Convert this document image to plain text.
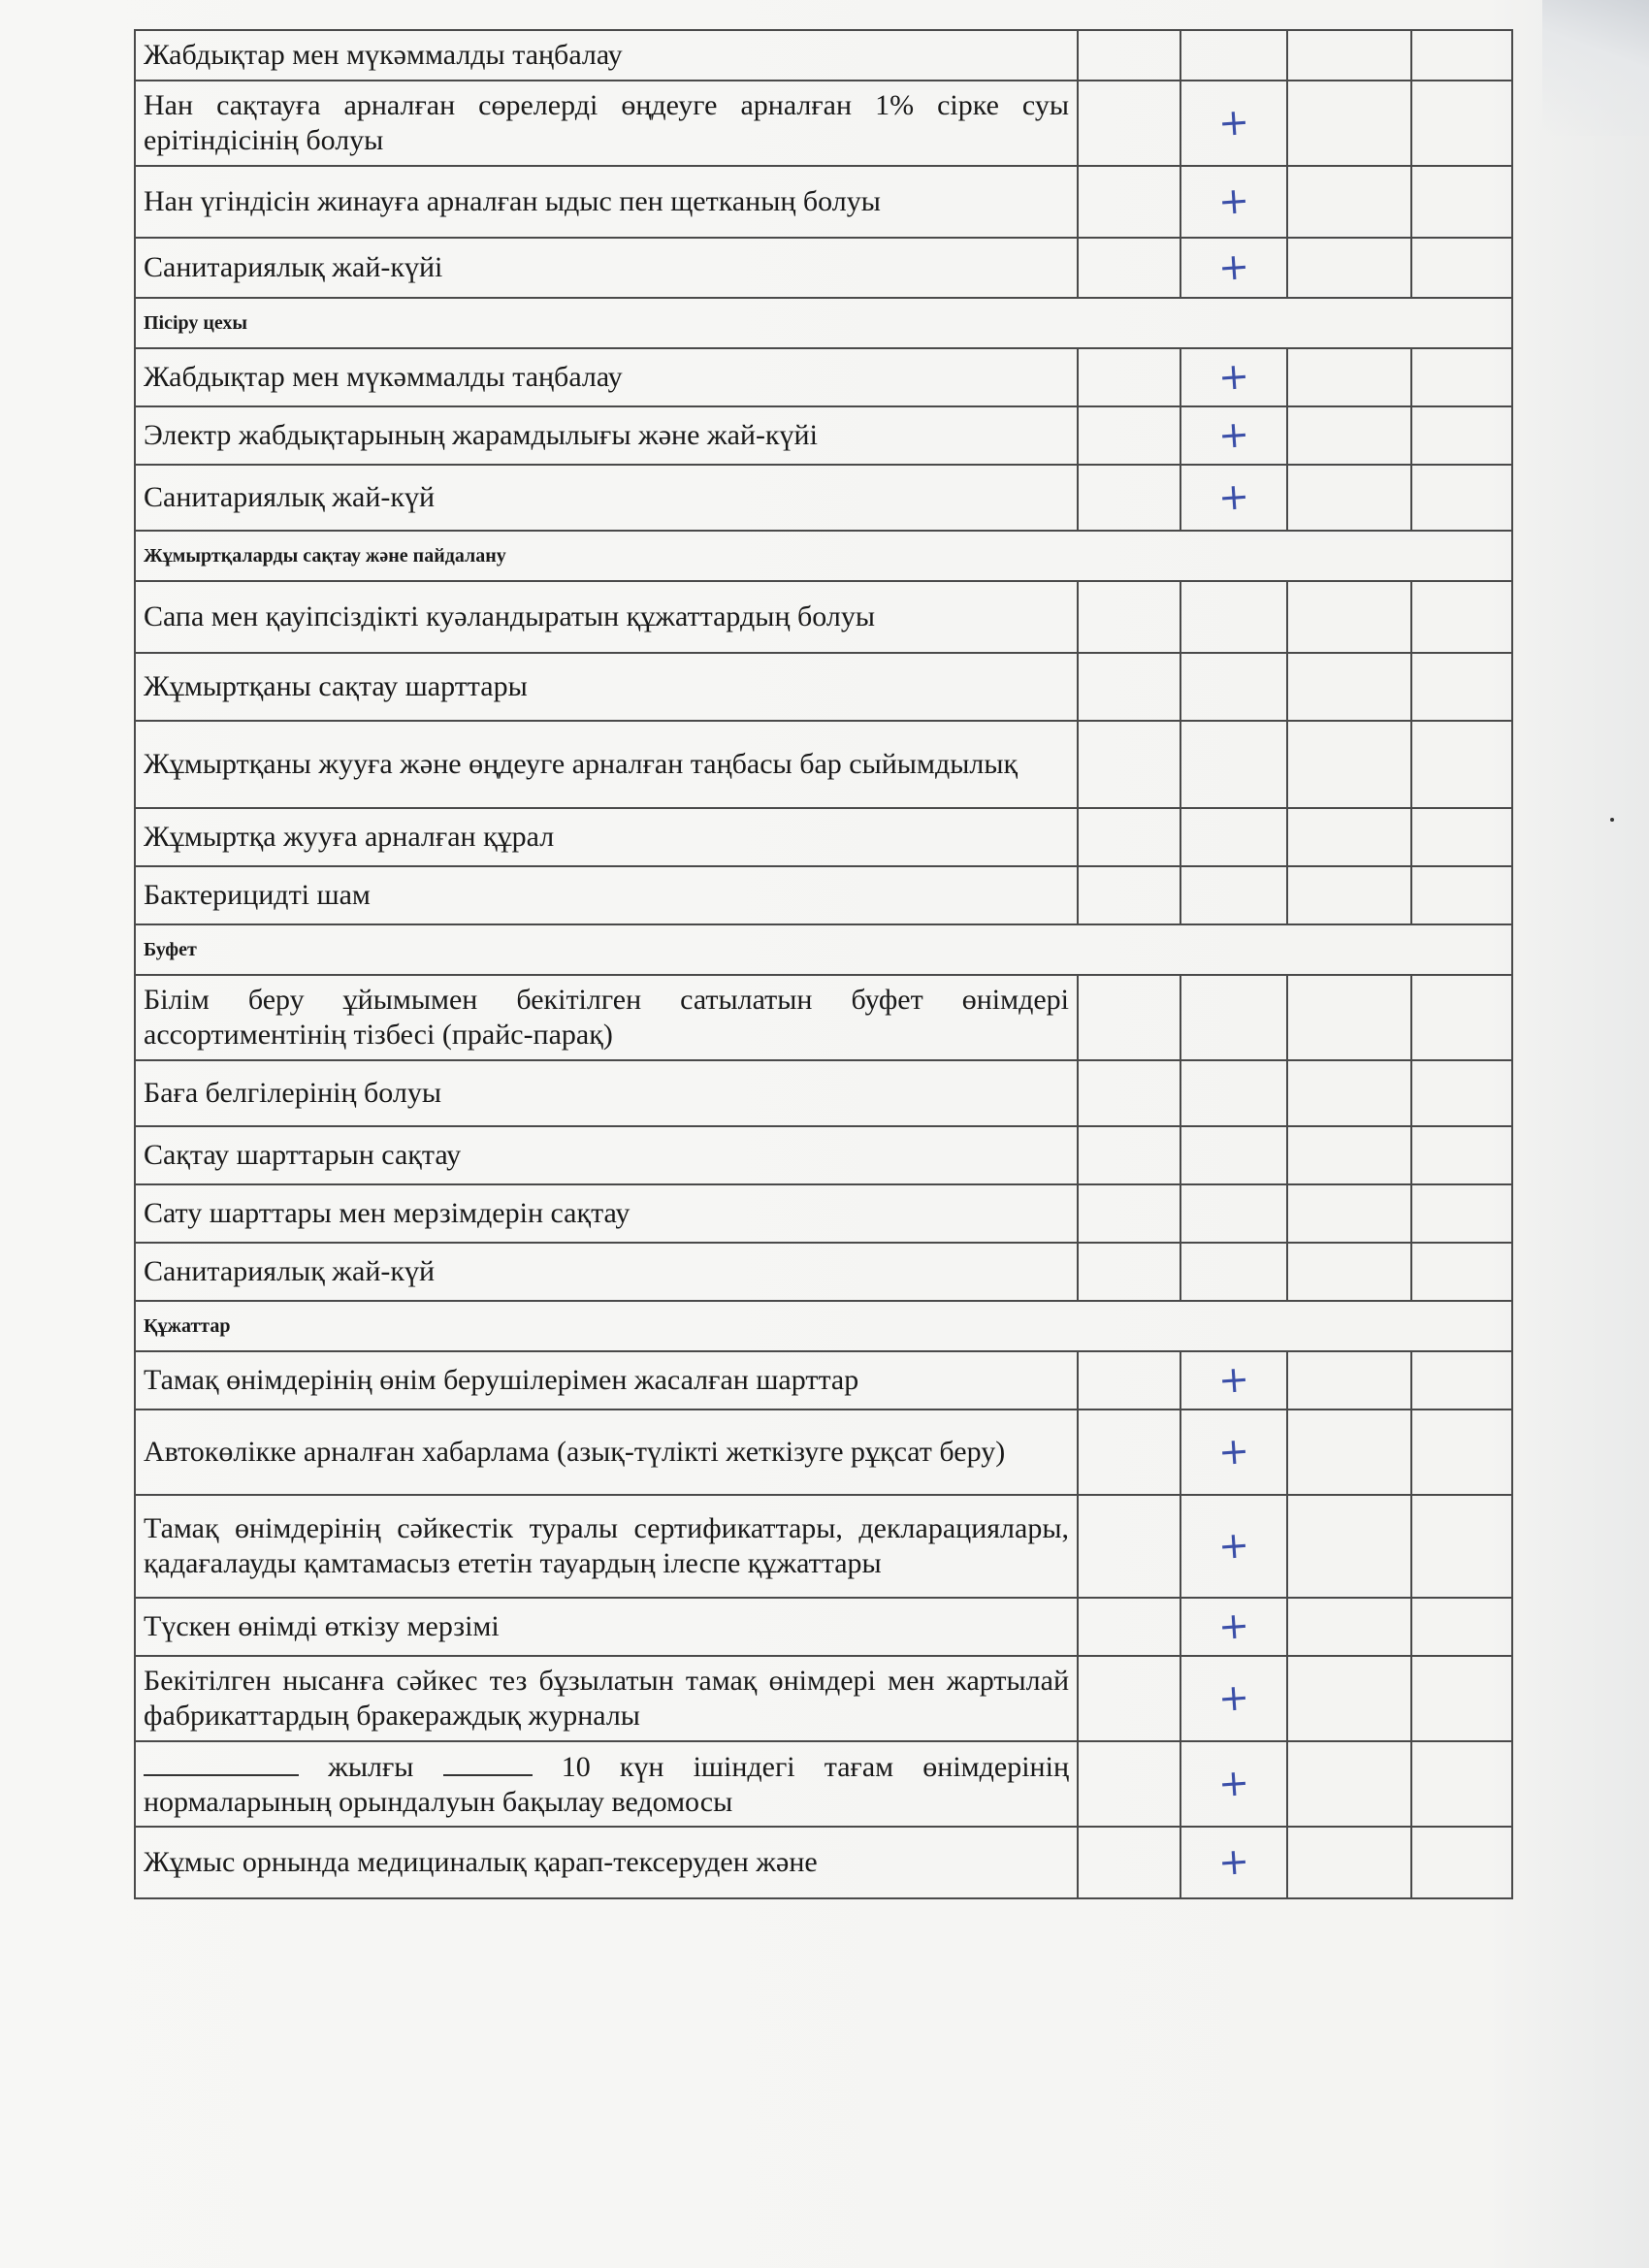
Жабдықтар мен мүкәммалды таңбалау				
Нан сақтауға арналған сөрелерді өңдеуге арналған 1% сірке суы ерітіндісінің болуы		+		
Нан үгіндісін жинауға арналған ыдыс пен щетканың болуы		+		
Санитариялық жай-күйі		+		
Пісіру цехы				
Жабдықтар мен мүкәммалды таңбалау		+		
Электр жабдықтарының жарамдылығы және жай-күйі		+		
Санитариялық жай-күй		+		
Жұмыртқаларды сақтау және пайдалану				
Сапа мен қауіпсіздікті куәландыратын құжаттардың болуы				
Жұмыртқаны сақтау шарттары				
Жұмыртқаны жууға және өңдеуге арналған таңбасы бар сыйымдылық				
Жұмыртқа жууға арналған құрал				
Бактерицидті шам				
Буфет				
Білім беру ұйымымен бекітілген сатылатын буфет өнімдері ассортиментінің тізбесі (прайс-парақ)				
Баға белгілерінің болуы				
Сақтау шарттарын сақтау				
Сату шарттары мен мерзімдерін сақтау				
Санитариялық жай-күй				
Құжаттар				
Тамақ өнімдерінің өнім берушілерімен жасалған шарттар		+		
Автокөлікке арналған хабарлама (азық-түлікті жеткізуге рұқсат беру)		+		
Тамақ өнімдерінің сәйкестік туралы сертификаттары, декларациялары, қадағалауды қамтамасыз ететін тауардың ілеспе құжаттары		+		
Түскен өнімді өткізу мерзімі		+		
Бекітілген нысанға сәйкес тез бұзылатын тамақ өнімдері мен жартылай фабрикаттардың бракераждық журналы		+		
жылғы 10 күн ішіндегі тағам өнімдерінің нормаларының орындалуын бақылау ведомосы		+		
Жұмыс орнында медициналық қарап-тексеруден және		+		
